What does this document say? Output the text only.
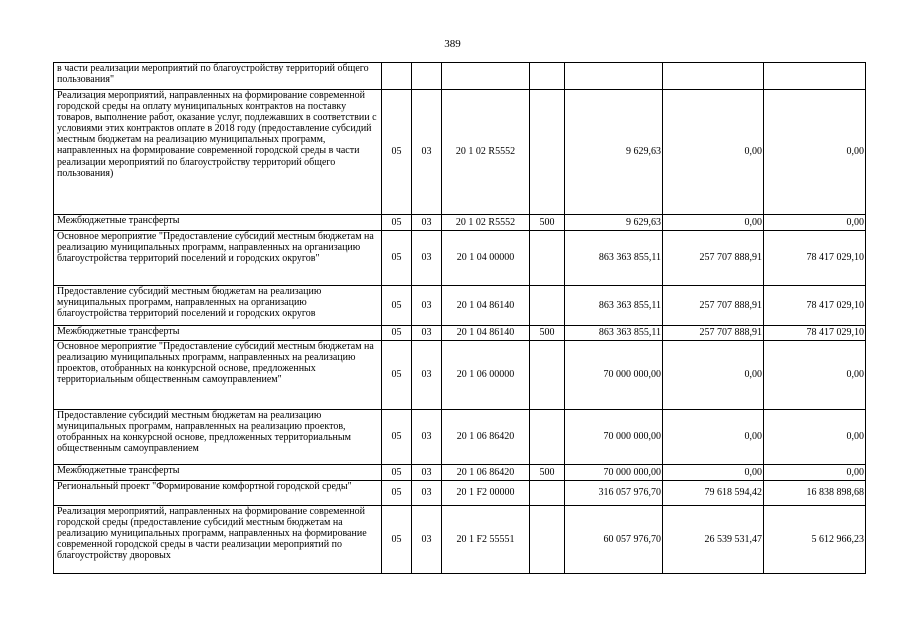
389
в части реализации мероприятий по благоустройству территорий общего пользования"							
Реализация мероприятий, направленных на формирование современной городской среды на оплату муниципальных контрактов на поставку товаров, выполнение работ, оказание услуг, подлежавших в соответствии с условиями этих контрактов оплате в 2018 году (предоставление субсидий местным бюджетам на реализацию муниципальных программ, направленных на формирование современной городской среды в части реализации мероприятий по благоустройству территорий общего пользования)	05	03	20 1 02 R5552		9 629,63	0,00	0,00
Межбюджетные трансферты	05	03	20 1 02 R5552	500	9 629,63	0,00	0,00
Основное мероприятие "Предоставление субсидий местным бюджетам на реализацию муниципальных программ, направленных на организацию благоустройства территорий поселений и городских округов"	05	03	20 1 04 00000		863 363 855,11	257 707 888,91	78 417 029,10
Предоставление субсидий местным бюджетам на реализацию муниципальных программ, направленных на организацию благоустройства территорий поселений и городских округов	05	03	20 1 04 86140		863 363 855,11	257 707 888,91	78 417 029,10
Межбюджетные трансферты	05	03	20 1 04 86140	500	863 363 855,11	257 707 888,91	78 417 029,10
Основное мероприятие "Предоставление субсидий местным бюджетам на реализацию муниципальных программ, направленных на реализацию проектов, отобранных на конкурсной основе, предложенных территориальным общественным самоуправлением"	05	03	20 1 06 00000		70 000 000,00	0,00	0,00
Предоставление субсидий местным бюджетам на реализацию муниципальных программ, направленных на реализацию проектов, отобранных на конкурсной основе, предложенных территориальным общественным самоуправлением	05	03	20 1 06 86420		70 000 000,00	0,00	0,00
Межбюджетные трансферты	05	03	20 1 06 86420	500	70 000 000,00	0,00	0,00
Региональный проект "Формирование комфортной городской среды"	05	03	20 1 F2 00000		316 057 976,70	79 618 594,42	16 838 898,68
Реализация мероприятий, направленных на формирование современной городской среды (предоставление субсидий местным бюджетам на реализацию муниципальных программ, направленных на формирование современной городской среды в части реализации мероприятий по благоустройству дворовых	05	03	20 1 F2 55551		60 057 976,70	26 539 531,47	5 612 966,23
